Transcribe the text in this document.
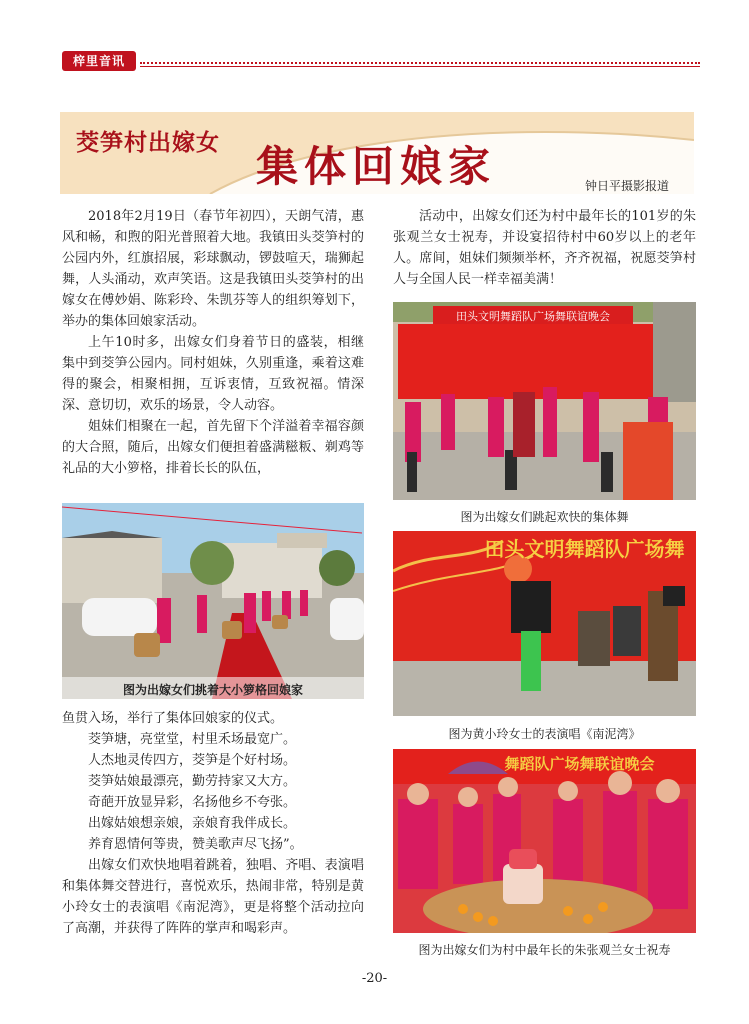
梓里音讯
茭笋村出嫁女 集体回娘家	钟日平摄影报道

2018年2月19日（春节年初四），天朗气清，惠风和畅，和煦的阳光普照着大地。我镇田头茭笋村的公园内外，红旗招展，彩球飘动，锣鼓喧天，瑞狮起舞，人头涌动，欢声笑语。这是我镇田头茭笋村的出嫁女在傅妙娟、陈彩玲、朱凯芬等人的组织筹划下，举办的集体回娘家活动。

上午10时多，出嫁女们身着节日的盛装，相继集中到茭笋公园内。同村姐妹，久别重逢，乘着这难得的聚会，相聚相拥，互诉衷情，互致祝福。情深深、意切切，欢乐的场景，令人动容。

姐妹们相聚在一起，首先留下个洋溢着幸福容颜的大合照，随后，出嫁女们便担着盛满糍粄、剃鸡等礼品的大小箩格，排着长长的队伍，

图为出嫁女们挑着大小箩格回娘家

鱼贯入场，举行了集体回娘家的仪式。

茭笋塘，亮堂堂，村里禾场最宽广。

人杰地灵传四方，茭笋是个好村场。

茭笋姑娘最漂亮，勤劳持家又大方。

奇葩开放显异彩，名扬他乡不夸张。

出嫁姑娘想亲娘，亲娘育我伴成长。

养育恩情何等贵，赞美歌声尽飞扬”。

出嫁女们欢快地唱着跳着，独唱、齐唱、表演唱和集体舞交替进行，喜悦欢乐，热闹非常，特别是黄小玲女士的表演唱《南泥湾》，更是将整个活动拉向了高潮，并获得了阵阵的掌声和喝彩声。

活动中，出嫁女们还为村中最年长的101岁的朱张观兰女士祝寿，并设宴招待村中60岁以上的老年人。席间，姐妹们频频举杯，齐齐祝福，祝愿茭笋村人与全国人民一样幸福美满！

田头文明舞蹈队广场舞联谊晚会
图为出嫁女们跳起欢快的集体舞
田头文明舞蹈队广场舞
图为黄小玲女士的表演唱《南泥湾》
舞蹈队广场舞联谊晚会
图为出嫁女们为村中最年长的朱张观兰女士祝寿
-20-
